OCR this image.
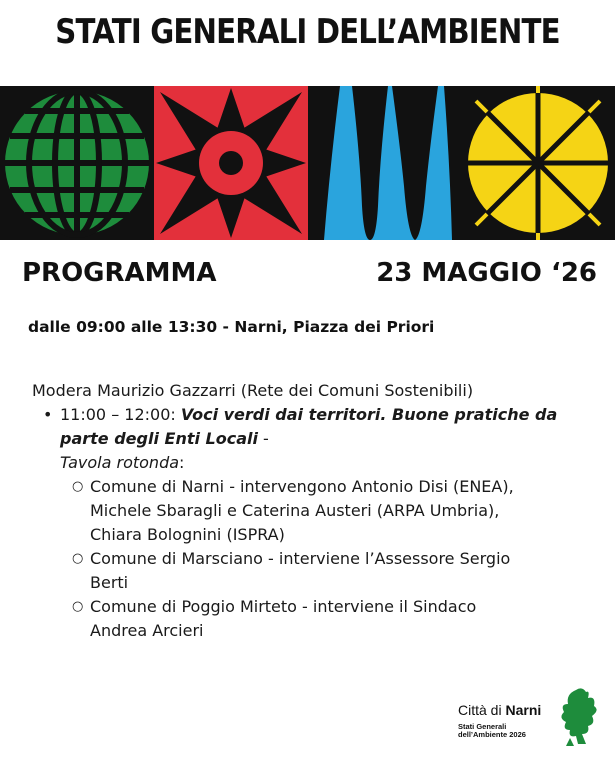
STATI GENERALI DELL’AMBIENTE
PROGRAMMA	23 MAGGIO ‘26
dalle 09:00 alle 13:30 - Narni, Piazza dei Priori
Modera Maurizio Gazzarri (Rete dei Comuni Sostenibili)
• 11:00 – 12:00: Voci verdi dai territori. Buone pratiche da
parte degli Enti Locali -
Tavola rotonda:
○ Comune di Narni - intervengono Antonio Disi (ENEA),
Michele Sbaragli e Caterina Austeri (ARPA Umbria),
Chiara Bolognini (ISPRA)
○ Comune di Marsciano - interviene l’Assessore Sergio
Berti
○ Comune di Poggio Mirteto - interviene il Sindaco
Andrea Arcieri
Città di Narni
Stati Generali
dell’Ambiente 2026
